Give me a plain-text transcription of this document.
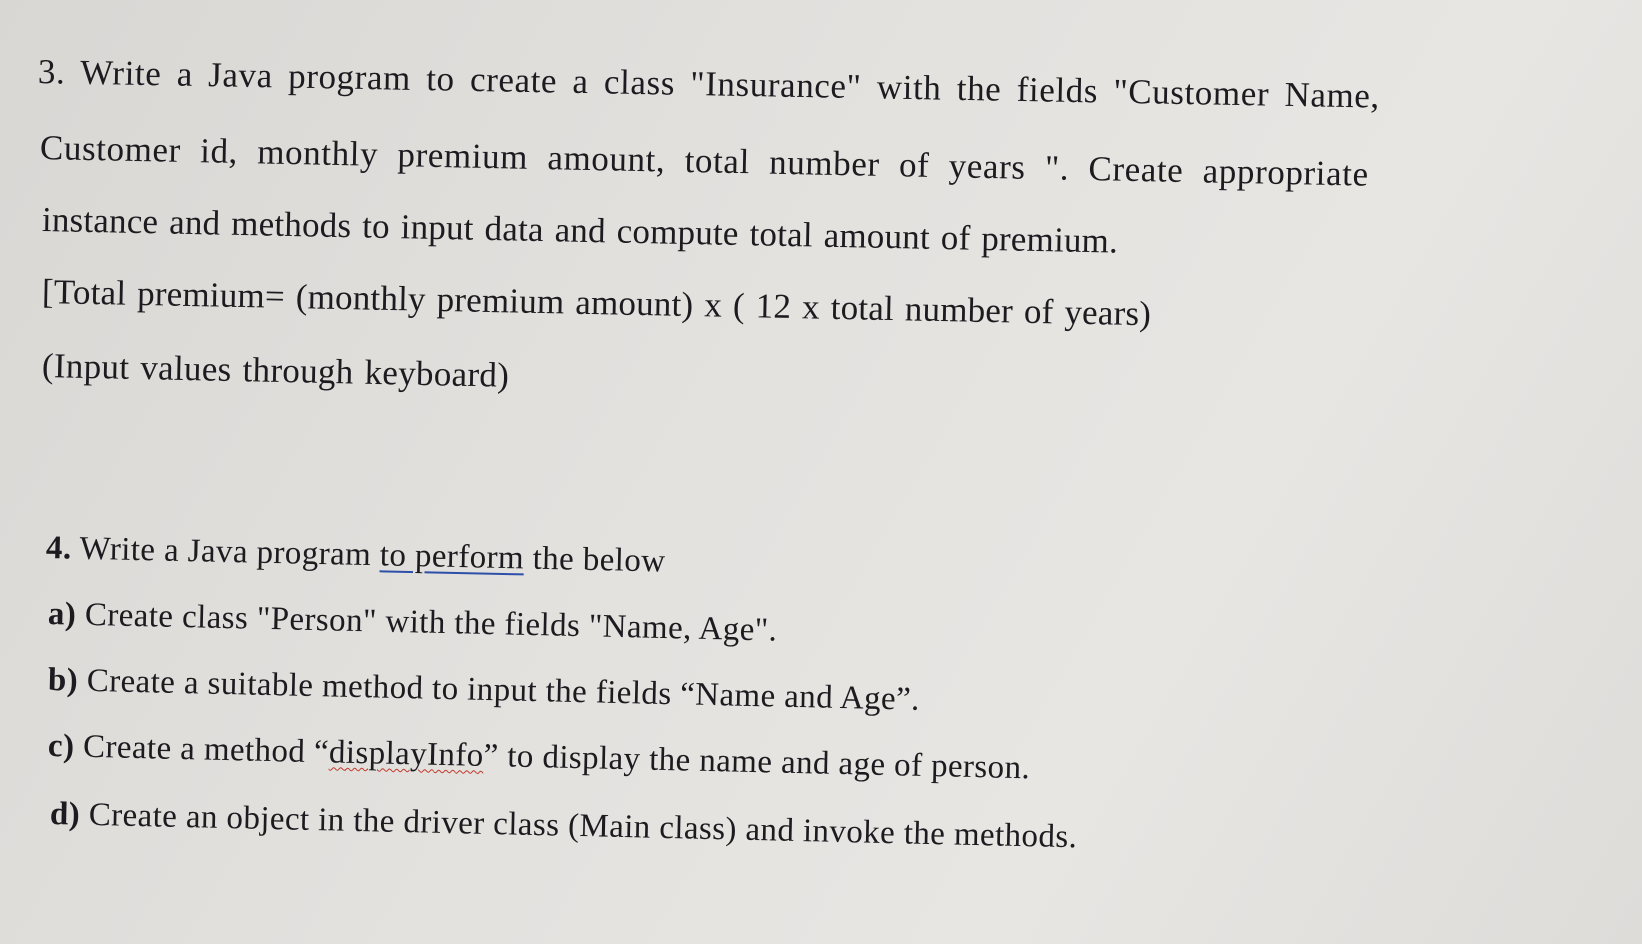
3. Write a Java program to create a class "Insurance" with the fields "Customer Name,
Customer id, monthly premium amount, total number of years ". Create appropriate
instance and methods to input data and compute total amount of premium.
[Total premium= (monthly premium amount) x ( 12 x total number of years)
(Input values through keyboard)
4. Write a Java program to perform the below
a) Create class "Person" with the fields "Name, Age".
b) Create a suitable method to input the fields “Name and Age”.
c) Create a method “displayInfo” to display the name and age of person.
d) Create an object in the driver class (Main class) and invoke the methods.
